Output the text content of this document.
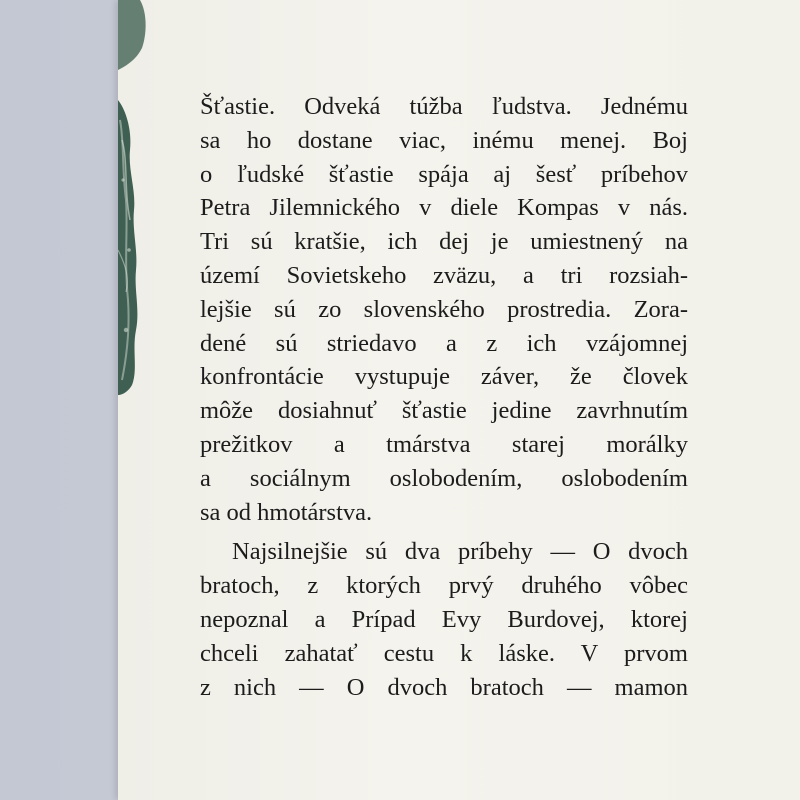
Šťastie. Odveká túžba ľudstva. Jednému
sa ho dostane viac, inému menej. Boj
o ľudské šťastie spája aj šesť príbehov
Petra Jilemnického v diele Kompas v nás.
Tri sú kratšie, ich dej je umiestnený na
území Sovietskeho zväzu, a tri rozsiah-
lejšie sú zo slovenského prostredia. Zora-
dené sú striedavo a z ich vzájomnej
konfrontácie vystupuje záver, že človek
môže dosiahnuť šťastie jedine zavrhnutím
prežitkov a tmárstva starej morálky
a sociálnym oslobodením, oslobodením
sa od hmotárstva.
Najsilnejšie sú dva príbehy — O dvoch
bratoch, z ktorých prvý druhého vôbec
nepoznal a Prípad Evy Burdovej, ktorej
chceli zahatať cestu k láske. V prvom
z nich — O dvoch bratoch — mamon
